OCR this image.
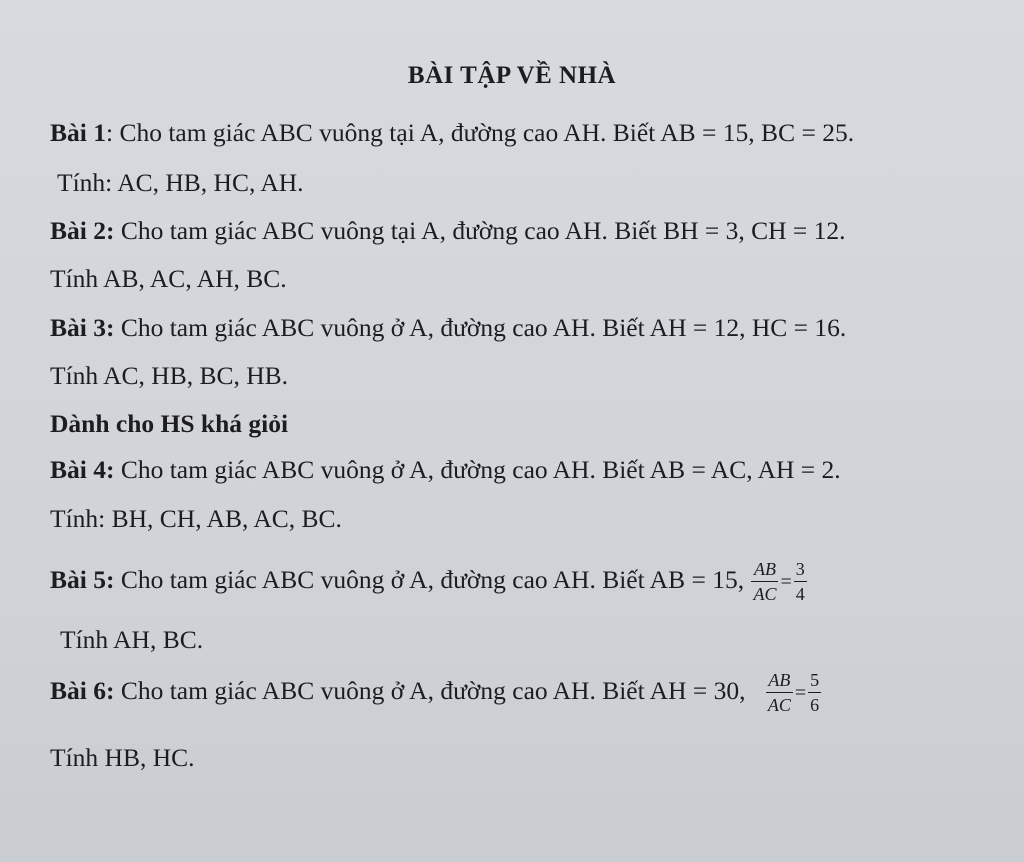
BÀI TẬP VỀ NHÀ
Bài 1: Cho tam giác ABC vuông tại A, đường cao AH. Biết AB = 15, BC = 25.
Tính: AC, HB, HC, AH.
Bài 2: Cho tam giác ABC vuông tại A, đường cao AH. Biết BH = 3, CH = 12.
Tính AB, AC, AH, BC.
Bài 3: Cho tam giác ABC vuông ở A, đường cao AH. Biết AH = 12, HC = 16.
Tính AC, HB, BC, HB.
Dành cho HS khá giỏi
Bài 4: Cho tam giác ABC vuông ở A, đường cao AH. Biết AB = AC, AH = 2.
Tính: BH, CH, AB, AC, BC.
Bài 5: Cho tam giác ABC vuông ở A, đường cao AH. Biết AB = 15, $\frac{AB}{AC} = \frac{3}{4}$
Tính AH, BC.
Bài 6: Cho tam giác ABC vuông ở A, đường cao AH. Biết AH = 30, $\frac{AB}{AC} = \frac{5}{6}$
Tính HB, HC.
